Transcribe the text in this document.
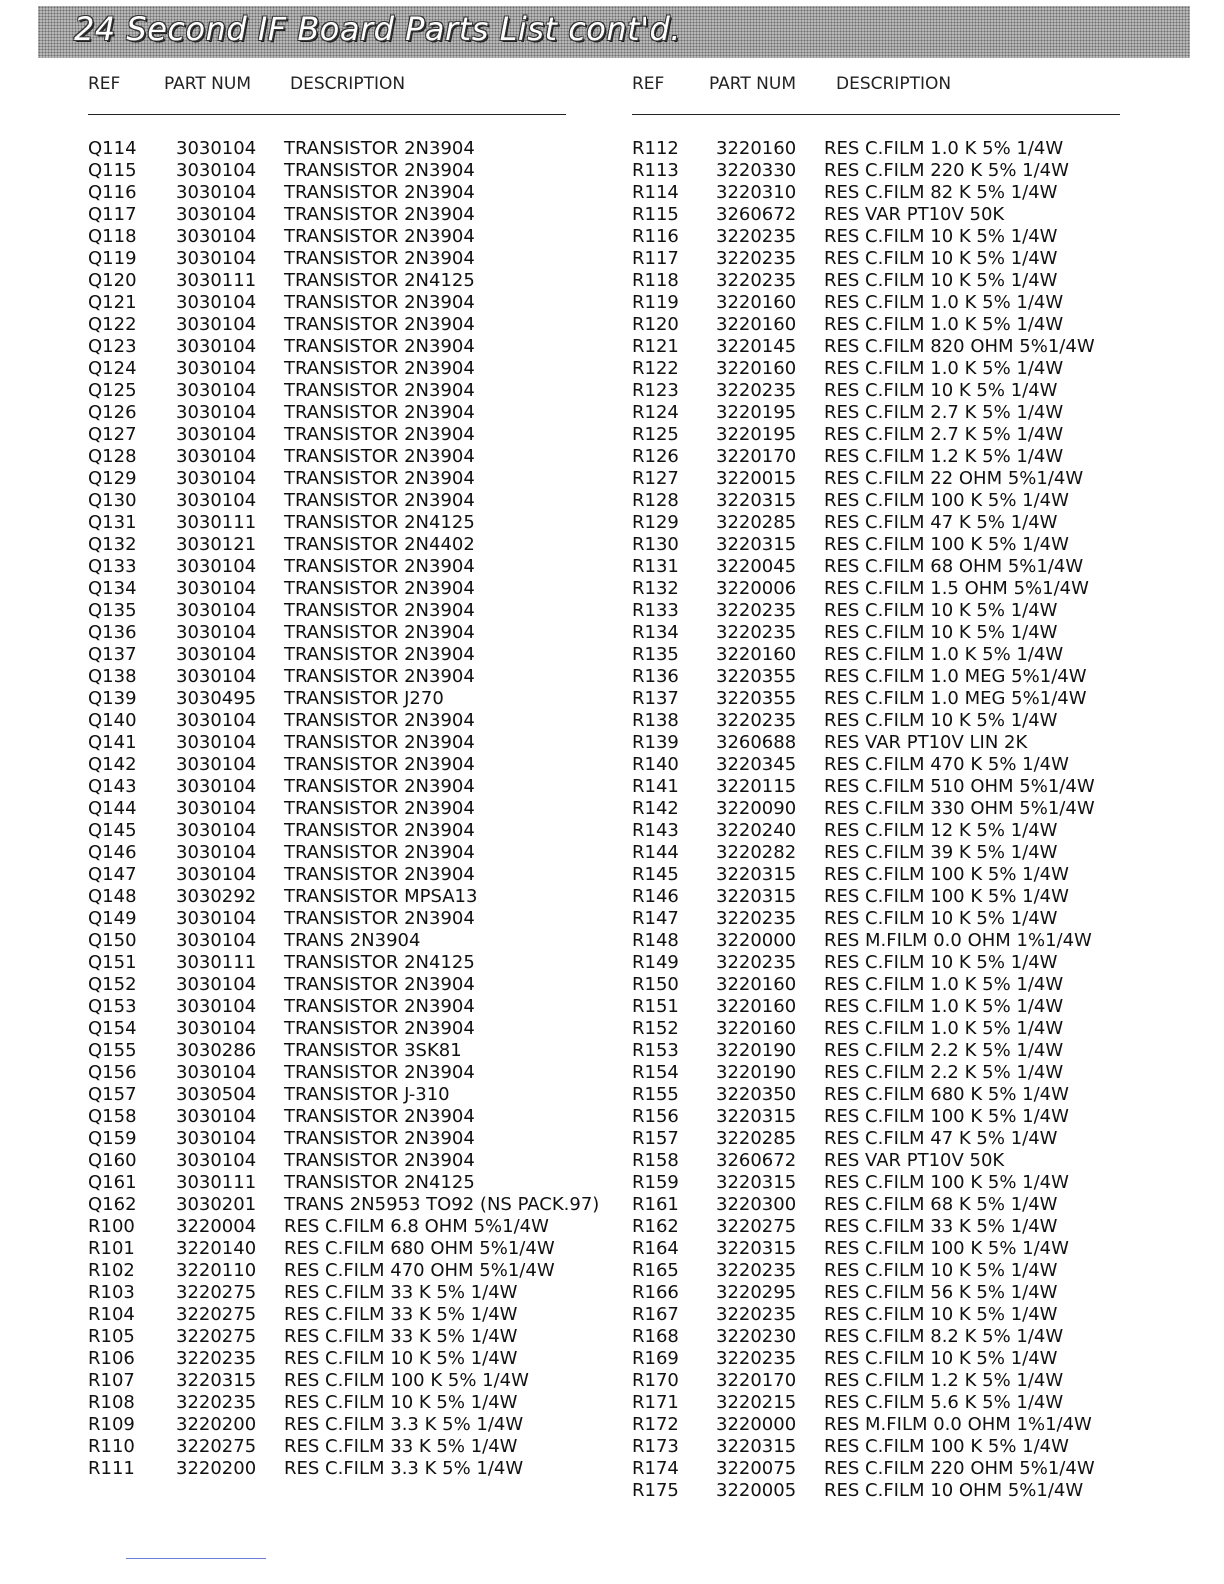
24 Second IF Board Parts List cont'd.
REF	PART NUM DESCRIPTION
Q114 3030104 TRANSISTOR 2N3904
Q115 3030104 TRANSISTOR 2N3904
Q116 3030104 TRANSISTOR 2N3904
Q117 3030104 TRANSISTOR 2N3904
Q118 3030104 TRANSISTOR 2N3904
Q119 3030104 TRANSISTOR 2N3904
Q120 3030111 TRANSISTOR 2N4125
Q121 3030104 TRANSISTOR 2N3904
Q122 3030104 TRANSISTOR 2N3904
Q123 3030104 TRANSISTOR 2N3904
Q124 3030104 TRANSISTOR 2N3904
Q125 3030104 TRANSISTOR 2N3904
Q126 3030104 TRANSISTOR 2N3904
Q127 3030104 TRANSISTOR 2N3904
Q128 3030104 TRANSISTOR 2N3904
Q129 3030104 TRANSISTOR 2N3904
Q130 3030104 TRANSISTOR 2N3904
Q131 3030111 TRANSISTOR 2N4125
Q132 3030121 TRANSISTOR 2N4402
Q133 3030104 TRANSISTOR 2N3904
Q134 3030104 TRANSISTOR 2N3904
Q135 3030104 TRANSISTOR 2N3904
Q136 3030104 TRANSISTOR 2N3904
Q137 3030104 TRANSISTOR 2N3904
Q138 3030104 TRANSISTOR 2N3904
Q139 3030495 TRANSISTOR J270
Q140 3030104 TRANSISTOR 2N3904
Q141 3030104 TRANSISTOR 2N3904
Q142 3030104 TRANSISTOR 2N3904
Q143 3030104 TRANSISTOR 2N3904
Q144 3030104 TRANSISTOR 2N3904
Q145 3030104 TRANSISTOR 2N3904
Q146 3030104 TRANSISTOR 2N3904
Q147 3030104 TRANSISTOR 2N3904
Q148 3030292 TRANSISTOR MPSA13
Q149 3030104 TRANSISTOR 2N3904
Q150 3030104 TRANS 2N3904
Q151 3030111 TRANSISTOR 2N4125
Q152 3030104 TRANSISTOR 2N3904
Q153 3030104 TRANSISTOR 2N3904
Q154 3030104 TRANSISTOR 2N3904
Q155 3030286 TRANSISTOR 3SK81
Q156 3030104 TRANSISTOR 2N3904
Q157 3030504 TRANSISTOR J-310
Q158 3030104 TRANSISTOR 2N3904
Q159 3030104 TRANSISTOR 2N3904
Q160 3030104 TRANSISTOR 2N3904
Q161 3030111 TRANSISTOR 2N4125
Q162 3030201 TRANS 2N5953 TO92 (NS PACK.97)
R100 3220004 RES C.FILM 6.8 OHM 5%1/4W
R101 3220140 RES C.FILM 680 OHM 5%1/4W
R102 3220110 RES C.FILM 470 OHM 5%1/4W
R103 3220275 RES C.FILM 33 K 5% 1/4W
R104 3220275 RES C.FILM 33 K 5% 1/4W
R105 3220275 RES C.FILM 33 K 5% 1/4W
R106 3220235 RES C.FILM 10 K 5% 1/4W
R107 3220315 RES C.FILM 100 K 5% 1/4W
R108 3220235 RES C.FILM 10 K 5% 1/4W
R109 3220200 RES C.FILM 3.3 K 5% 1/4W
R110 3220275 RES C.FILM 33 K 5% 1/4W
R111 3220200 RES C.FILM 3.3 K 5% 1/4W
REF	PART NUM DESCRIPTION
R112 3220160 RES C.FILM 1.0 K 5% 1/4W
R113 3220330 RES C.FILM 220 K 5% 1/4W
R114 3220310 RES C.FILM 82 K 5% 1/4W
R115 3260672 RES VAR PT10V 50K
R116 3220235 RES C.FILM 10 K 5% 1/4W
R117 3220235 RES C.FILM 10 K 5% 1/4W
R118 3220235 RES C.FILM 10 K 5% 1/4W
R119 3220160 RES C.FILM 1.0 K 5% 1/4W
R120 3220160 RES C.FILM 1.0 K 5% 1/4W
R121 3220145 RES C.FILM 820 OHM 5%1/4W
R122 3220160 RES C.FILM 1.0 K 5% 1/4W
R123 3220235 RES C.FILM 10 K 5% 1/4W
R124 3220195 RES C.FILM 2.7 K 5% 1/4W
R125 3220195 RES C.FILM 2.7 K 5% 1/4W
R126 3220170 RES C.FILM 1.2 K 5% 1/4W
R127 3220015 RES C.FILM 22 OHM 5%1/4W
R128 3220315 RES C.FILM 100 K 5% 1/4W
R129 3220285 RES C.FILM 47 K 5% 1/4W
R130 3220315 RES C.FILM 100 K 5% 1/4W
R131 3220045 RES C.FILM 68 OHM 5%1/4W
R132 3220006 RES C.FILM 1.5 OHM 5%1/4W
R133 3220235 RES C.FILM 10 K 5% 1/4W
R134 3220235 RES C.FILM 10 K 5% 1/4W
R135 3220160 RES C.FILM 1.0 K 5% 1/4W
R136 3220355 RES C.FILM 1.0 MEG 5%1/4W
R137 3220355 RES C.FILM 1.0 MEG 5%1/4W
R138 3220235 RES C.FILM 10 K 5% 1/4W
R139 3260688 RES VAR PT10V LIN 2K
R140 3220345 RES C.FILM 470 K 5% 1/4W
R141 3220115 RES C.FILM 510 OHM 5%1/4W
R142 3220090 RES C.FILM 330 OHM 5%1/4W
R143 3220240 RES C.FILM 12 K 5% 1/4W
R144 3220282 RES C.FILM 39 K 5% 1/4W
R145 3220315 RES C.FILM 100 K 5% 1/4W
R146 3220315 RES C.FILM 100 K 5% 1/4W
R147 3220235 RES C.FILM 10 K 5% 1/4W
R148 3220000 RES M.FILM 0.0 OHM 1%1/4W
R149 3220235 RES C.FILM 10 K 5% 1/4W
R150 3220160 RES C.FILM 1.0 K 5% 1/4W
R151 3220160 RES C.FILM 1.0 K 5% 1/4W
R152 3220160 RES C.FILM 1.0 K 5% 1/4W
R153 3220190 RES C.FILM 2.2 K 5% 1/4W
R154 3220190 RES C.FILM 2.2 K 5% 1/4W
R155 3220350 RES C.FILM 680 K 5% 1/4W
R156 3220315 RES C.FILM 100 K 5% 1/4W
R157 3220285 RES C.FILM 47 K 5% 1/4W
R158 3260672 RES VAR PT10V 50K
R159 3220315 RES C.FILM 100 K 5% 1/4W
R161 3220300 RES C.FILM 68 K 5% 1/4W
R162 3220275 RES C.FILM 33 K 5% 1/4W
R164 3220315 RES C.FILM 100 K 5% 1/4W
R165 3220235 RES C.FILM 10 K 5% 1/4W
R166 3220295 RES C.FILM 56 K 5% 1/4W
R167 3220235 RES C.FILM 10 K 5% 1/4W
R168 3220230 RES C.FILM 8.2 K 5% 1/4W
R169 3220235 RES C.FILM 10 K 5% 1/4W
R170 3220170 RES C.FILM 1.2 K 5% 1/4W
R171 3220215 RES C.FILM 5.6 K 5% 1/4W
R172 3220000 RES M.FILM 0.0 OHM 1%1/4W
R173 3220315 RES C.FILM 100 K 5% 1/4W
R174 3220075 RES C.FILM 220 OHM 5%1/4W
R175 3220005 RES C.FILM 10 OHM 5%1/4W
